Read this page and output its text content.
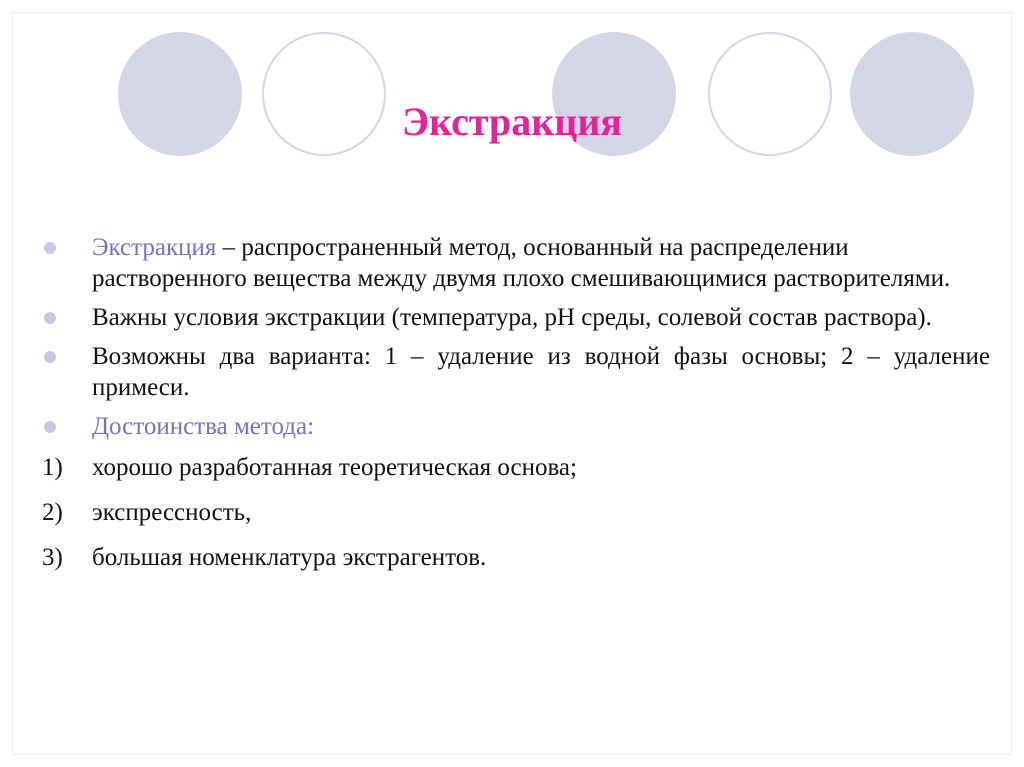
Экстракция
Экстракция – распространенный метод, основанный на распределении растворенного вещества между двумя плохо смешивающимися растворителями.
Важны условия экстракции (температура, pH среды, солевой состав раствора).
Возможны два варианта: 1 – удаление из водной фазы основы; 2 – удаление примеси.
Достоинства метода:
1) хорошо разработанная теоретическая основа;
2) экспрессность,
3) большая номенклатура экстрагентов.
